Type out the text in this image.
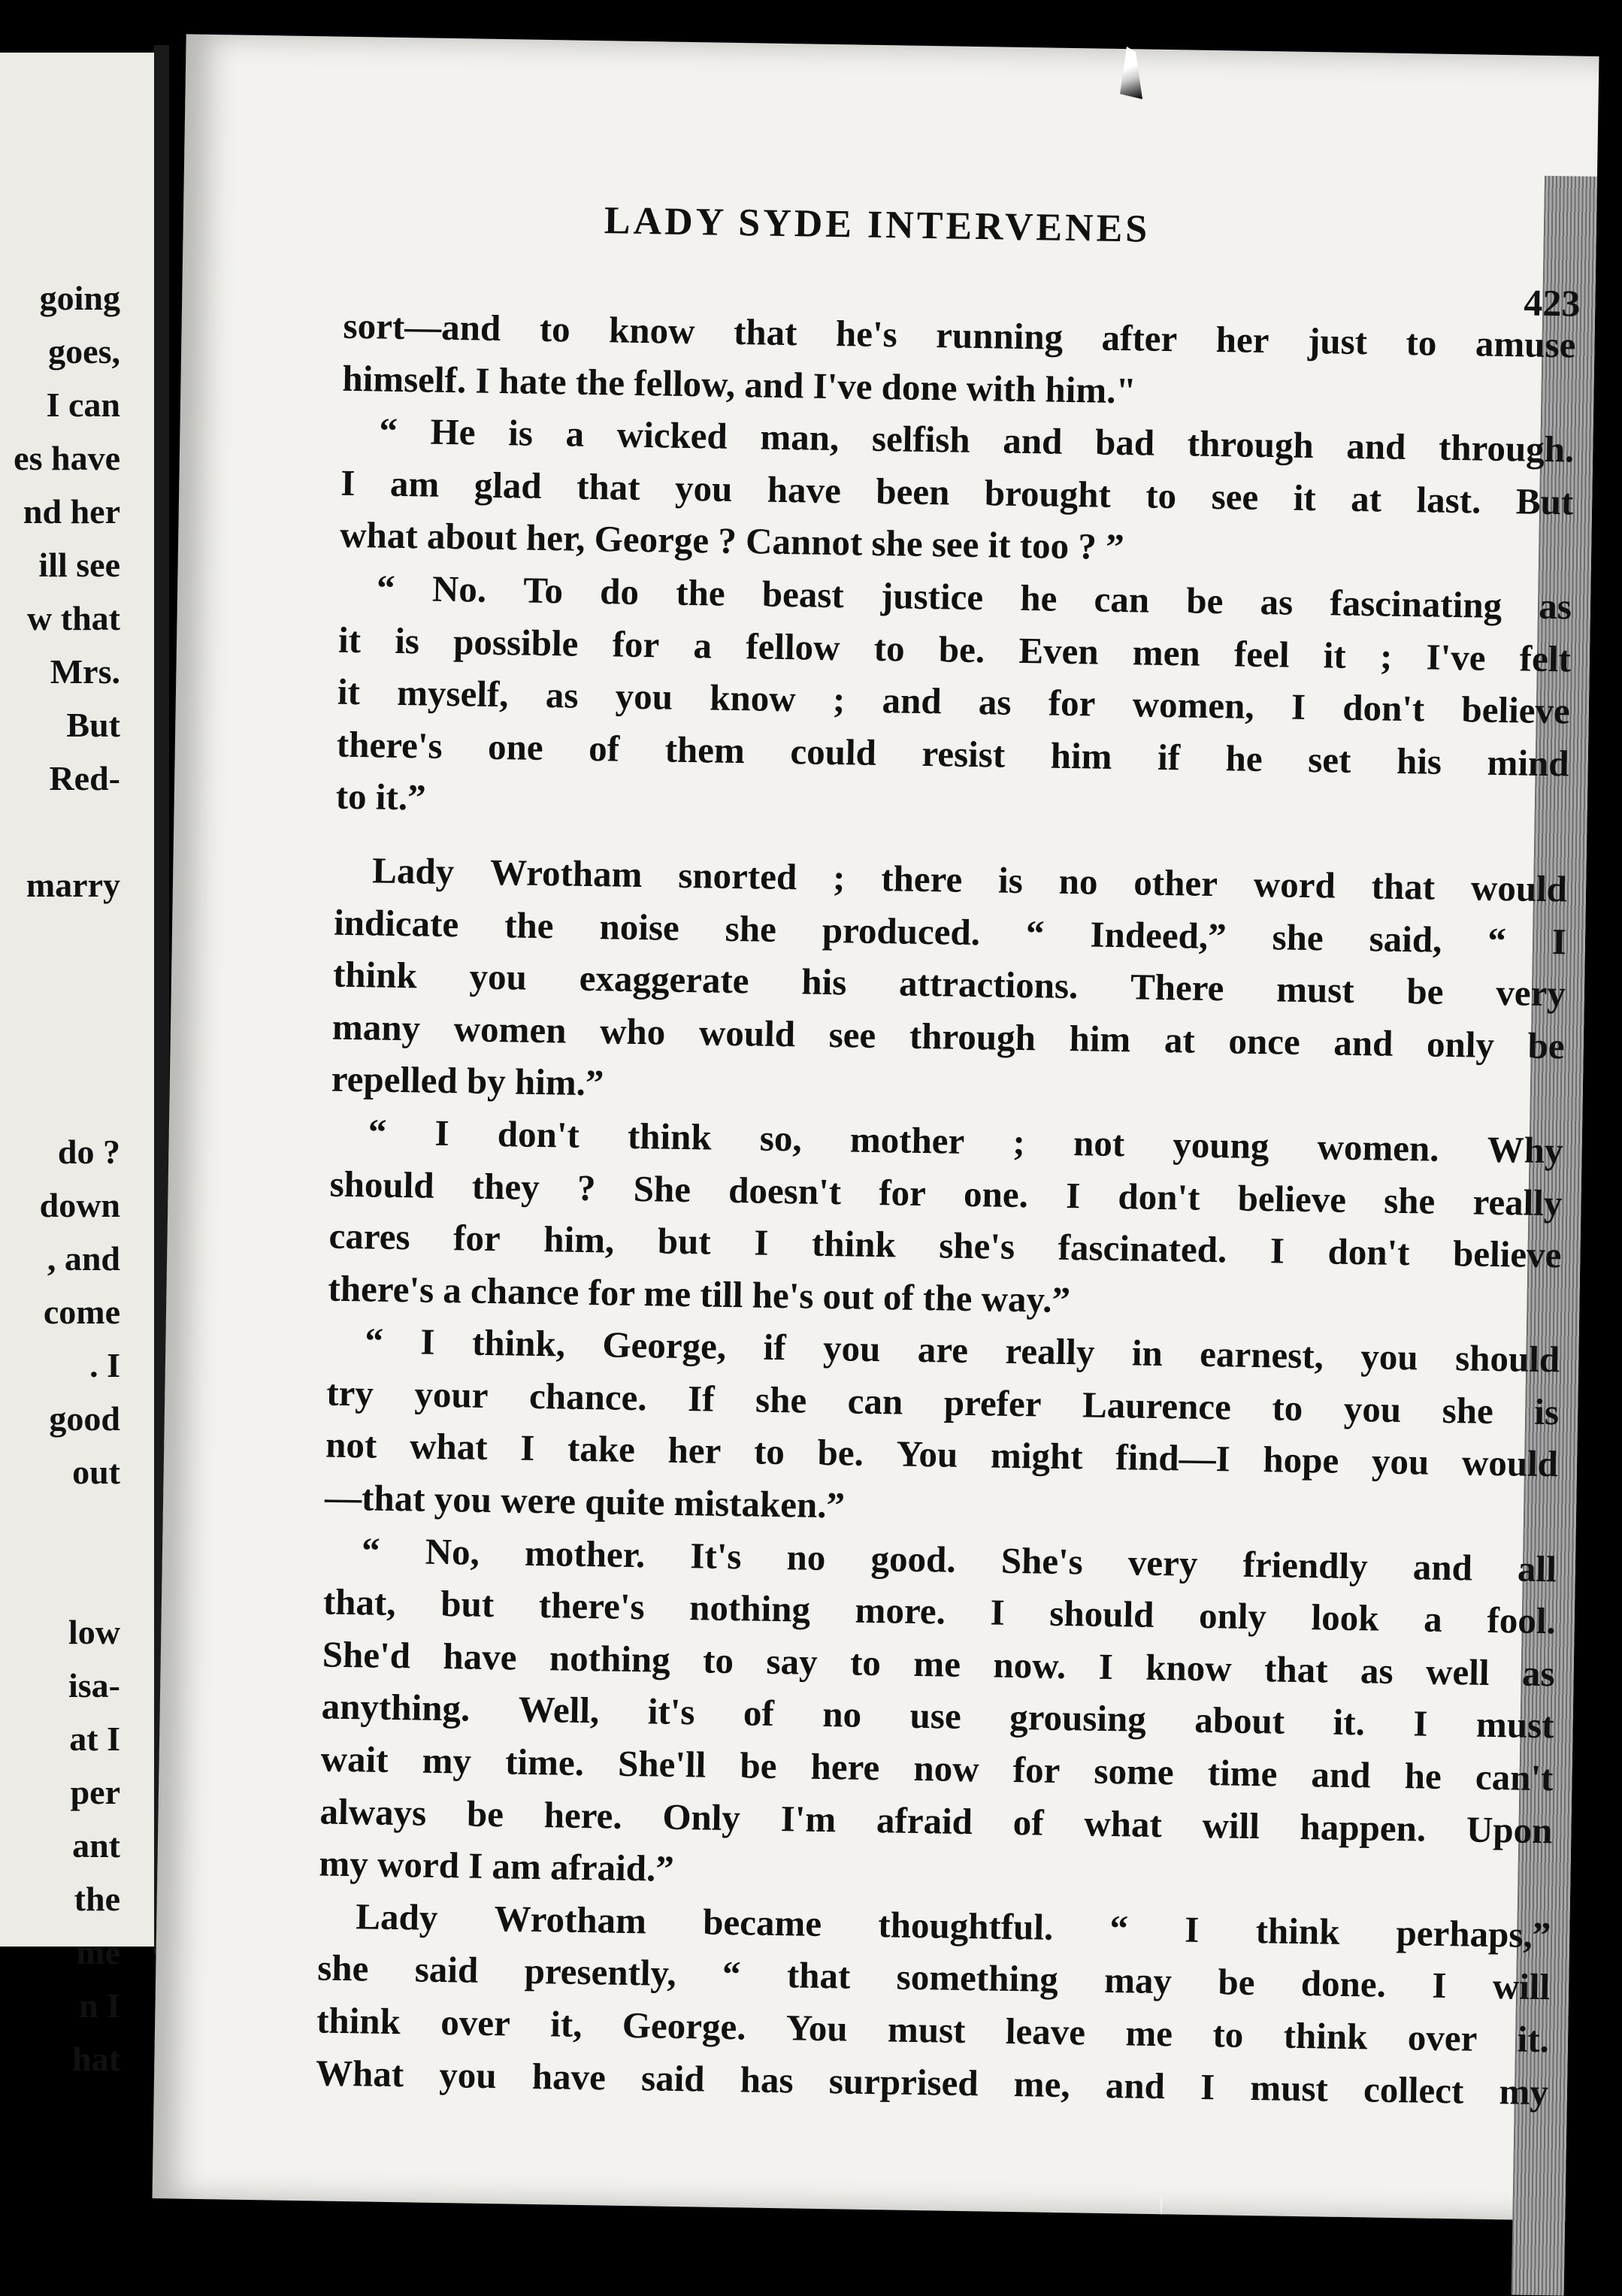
going
goes,
I can
es have
nd her
ill see
w that
Mrs.
But
Red-
marry
do ?
down
, and
come
. I
good
out
low
isa-
at I
per
ant
the
me
n I
hat
LADY SYDE INTERVENES
423
sort—and to know that he's running after her just to amuse
himself. I hate the fellow, and I've done with him."
“ He is a wicked man, selfish and bad through and through.
I am glad that you have been brought to see it at last. But
what about her, George ? Cannot she see it too ? ”
“ No. To do the beast justice he can be as fascinating as
it is possible for a fellow to be. Even men feel it ; I've felt
it myself, as you know ; and as for women, I don't believe
there's one of them could resist him if he set his mind
to it.”
Lady Wrotham snorted ; there is no other word that would
indicate the noise she produced. “ Indeed,” she said, “ I
think you exaggerate his attractions. There must be very
many women who would see through him at once and only be
repelled by him.”
“ I don't think so, mother ; not young women. Why
should they ? She doesn't for one. I don't believe she really
cares for him, but I think she's fascinated. I don't believe
there's a chance for me till he's out of the way.”
“ I think, George, if you are really in earnest, you should
try your chance. If she can prefer Laurence to you she is
not what I take her to be. You might find—I hope you would
—that you were quite mistaken.”
“ No, mother. It's no good. She's very friendly and all
that, but there's nothing more. I should only look a fool.
She'd have nothing to say to me now. I know that as well as
anything. Well, it's of no use grousing about it. I must
wait my time. She'll be here now for some time and he can't
always be here. Only I'm afraid of what will happen. Upon
my word I am afraid.”
Lady Wrotham became thoughtful. “ I think perhaps,”
she said presently, “ that something may be done. I will
think over it, George. You must leave me to think over it.
What you have said has surprised me, and I must collect my
†
